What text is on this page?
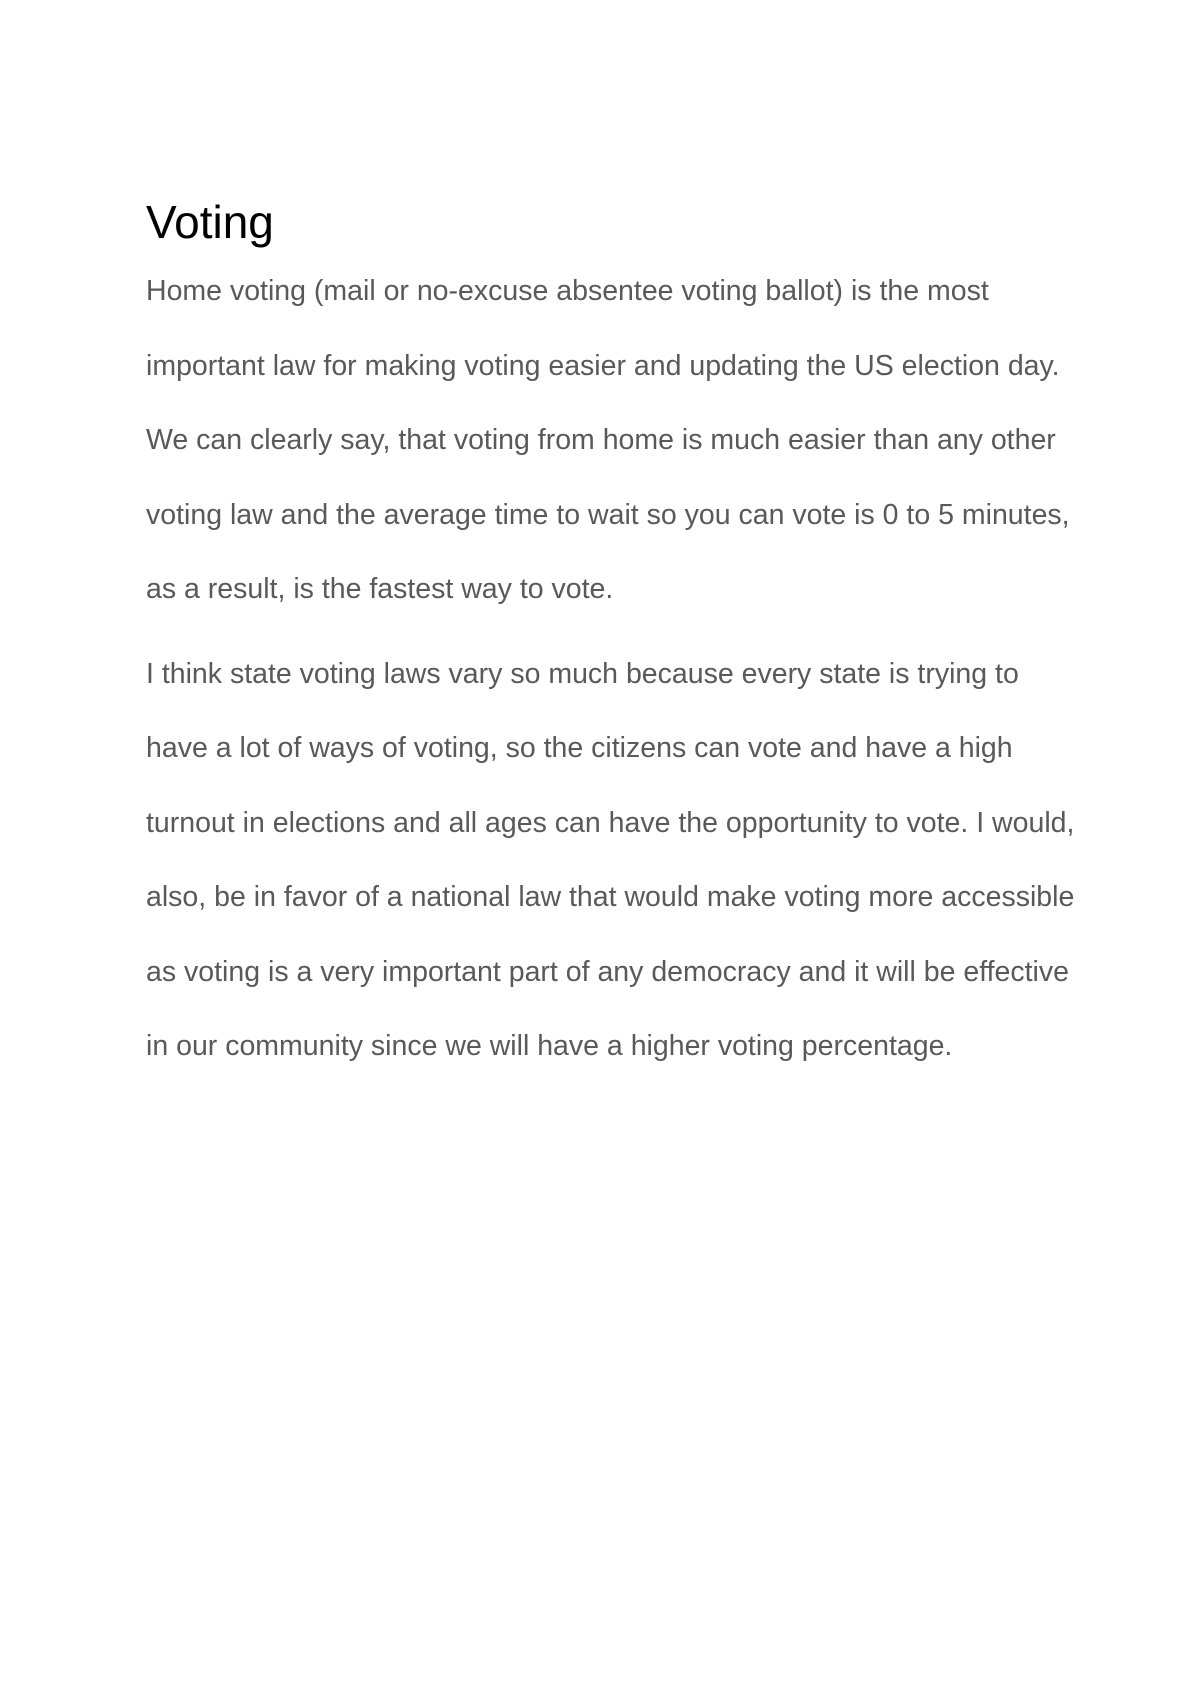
Voting

Home voting (mail or no-excuse absentee voting ballot) is the most important law for making voting easier and updating the US election day. We can clearly say, that voting from home is much easier than any other voting law and the average time to wait so you can vote is 0 to 5 minutes, as a result, is the fastest way to vote.

I think state voting laws vary so much because every state is trying to have a lot of ways of voting, so the citizens can vote and have a high turnout in elections and all ages can have the opportunity to vote. I would, also, be in favor of a national law that would make voting more accessible as voting is a very important part of any democracy and it will be effective in our community since we will have a higher voting percentage.
